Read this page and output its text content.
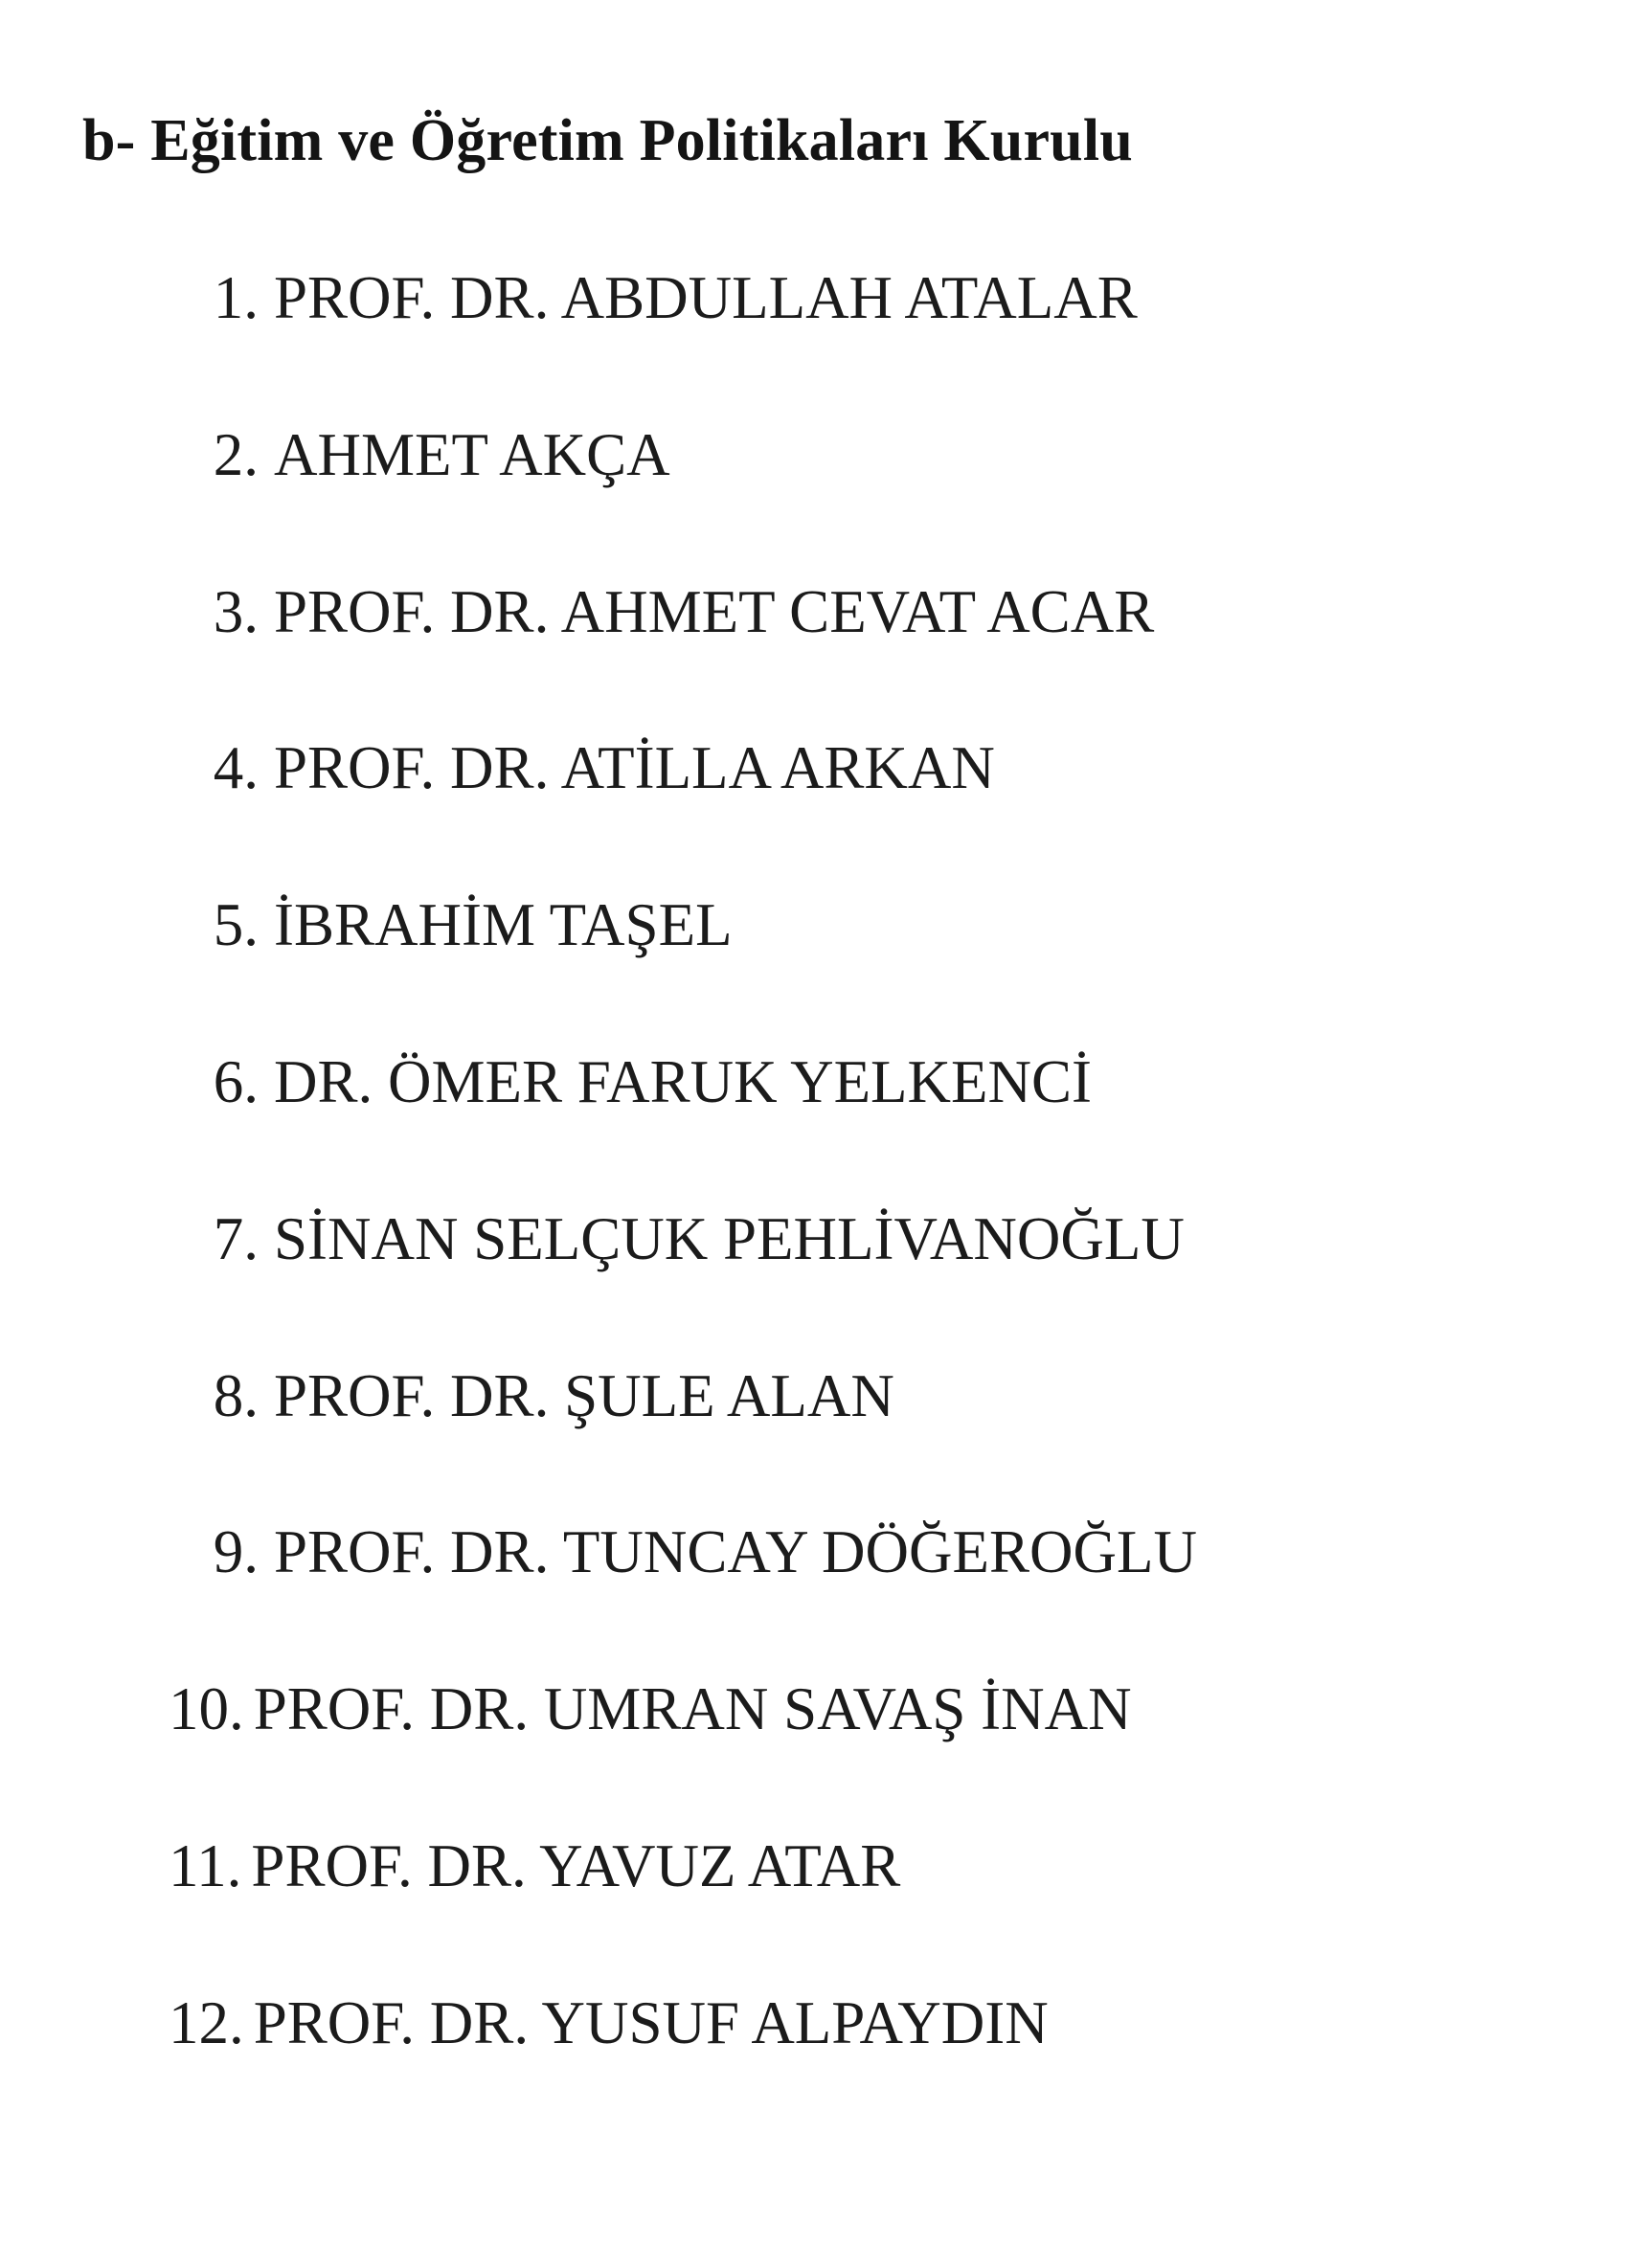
b- Eğitim ve Öğretim Politikaları Kurulu
1. PROF. DR. ABDULLAH ATALAR
2. AHMET AKÇA
3. PROF. DR. AHMET CEVAT ACAR
4. PROF. DR. ATİLLA ARKAN
5. İBRAHİM TAŞEL
6. DR. ÖMER FARUK YELKENCİ
7. SİNAN SELÇUK PEHLİVANOĞLU
8. PROF. DR. ŞULE ALAN
9. PROF. DR. TUNCAY DÖĞEROĞLU
10. PROF. DR. UMRAN SAVAŞ İNAN
11. PROF. DR. YAVUZ ATAR
12. PROF. DR. YUSUF ALPAYDIN
